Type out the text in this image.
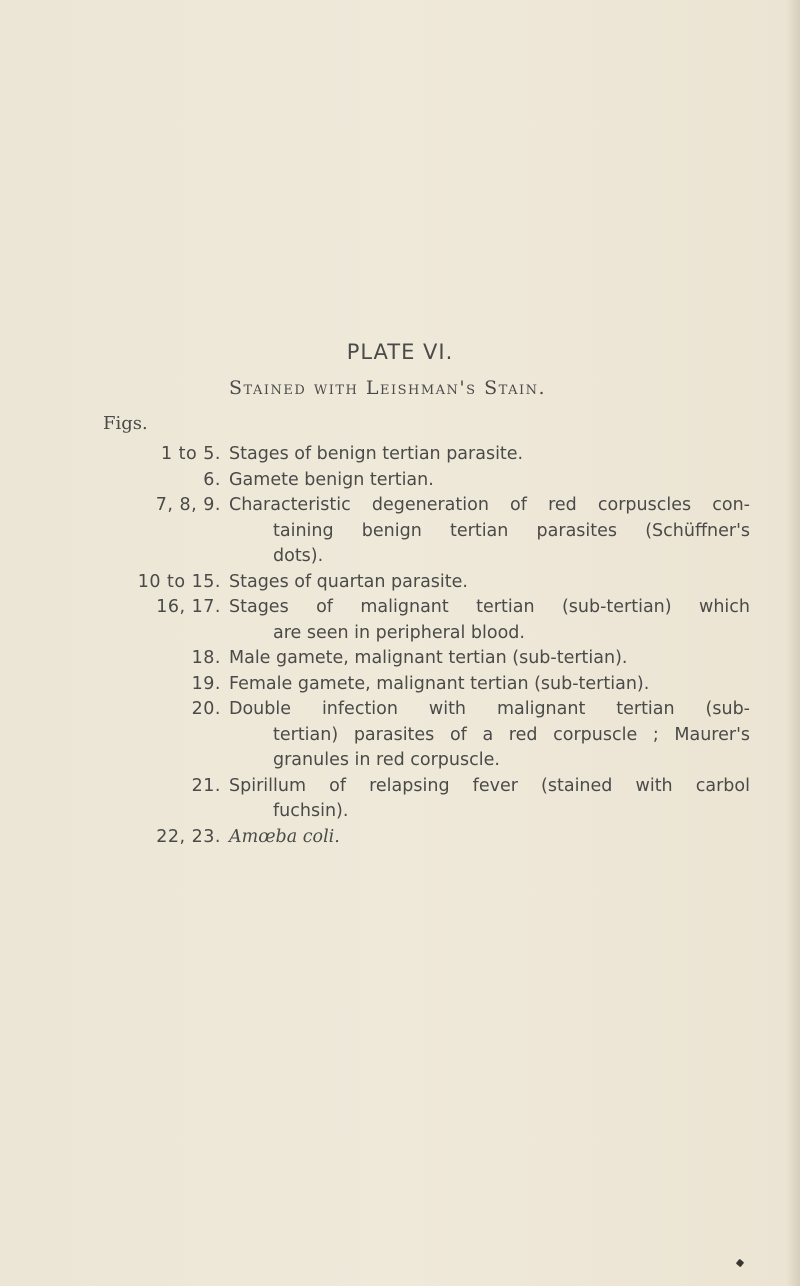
PLATE VI.
Stained with Leishman's Stain.
Figs.
1 to 5. Stages of benign tertian parasite.
6. Gamete benign tertian.
7, 8, 9. Characteristic degeneration of red corpuscles con-
taining benign tertian parasites (Schüffner's
dots).
10 to 15. Stages of quartan parasite.
16, 17. Stages of malignant tertian (sub-tertian) which
are seen in peripheral blood.
18. Male gamete, malignant tertian (sub-tertian).
19. Female gamete, malignant tertian (sub-tertian).
20. Double infection with malignant tertian (sub-
tertian) parasites of a red corpuscle ; Maurer's
granules in red corpuscle.
21. Spirillum of relapsing fever (stained with carbol
fuchsin).
22, 23. Amœba coli.
